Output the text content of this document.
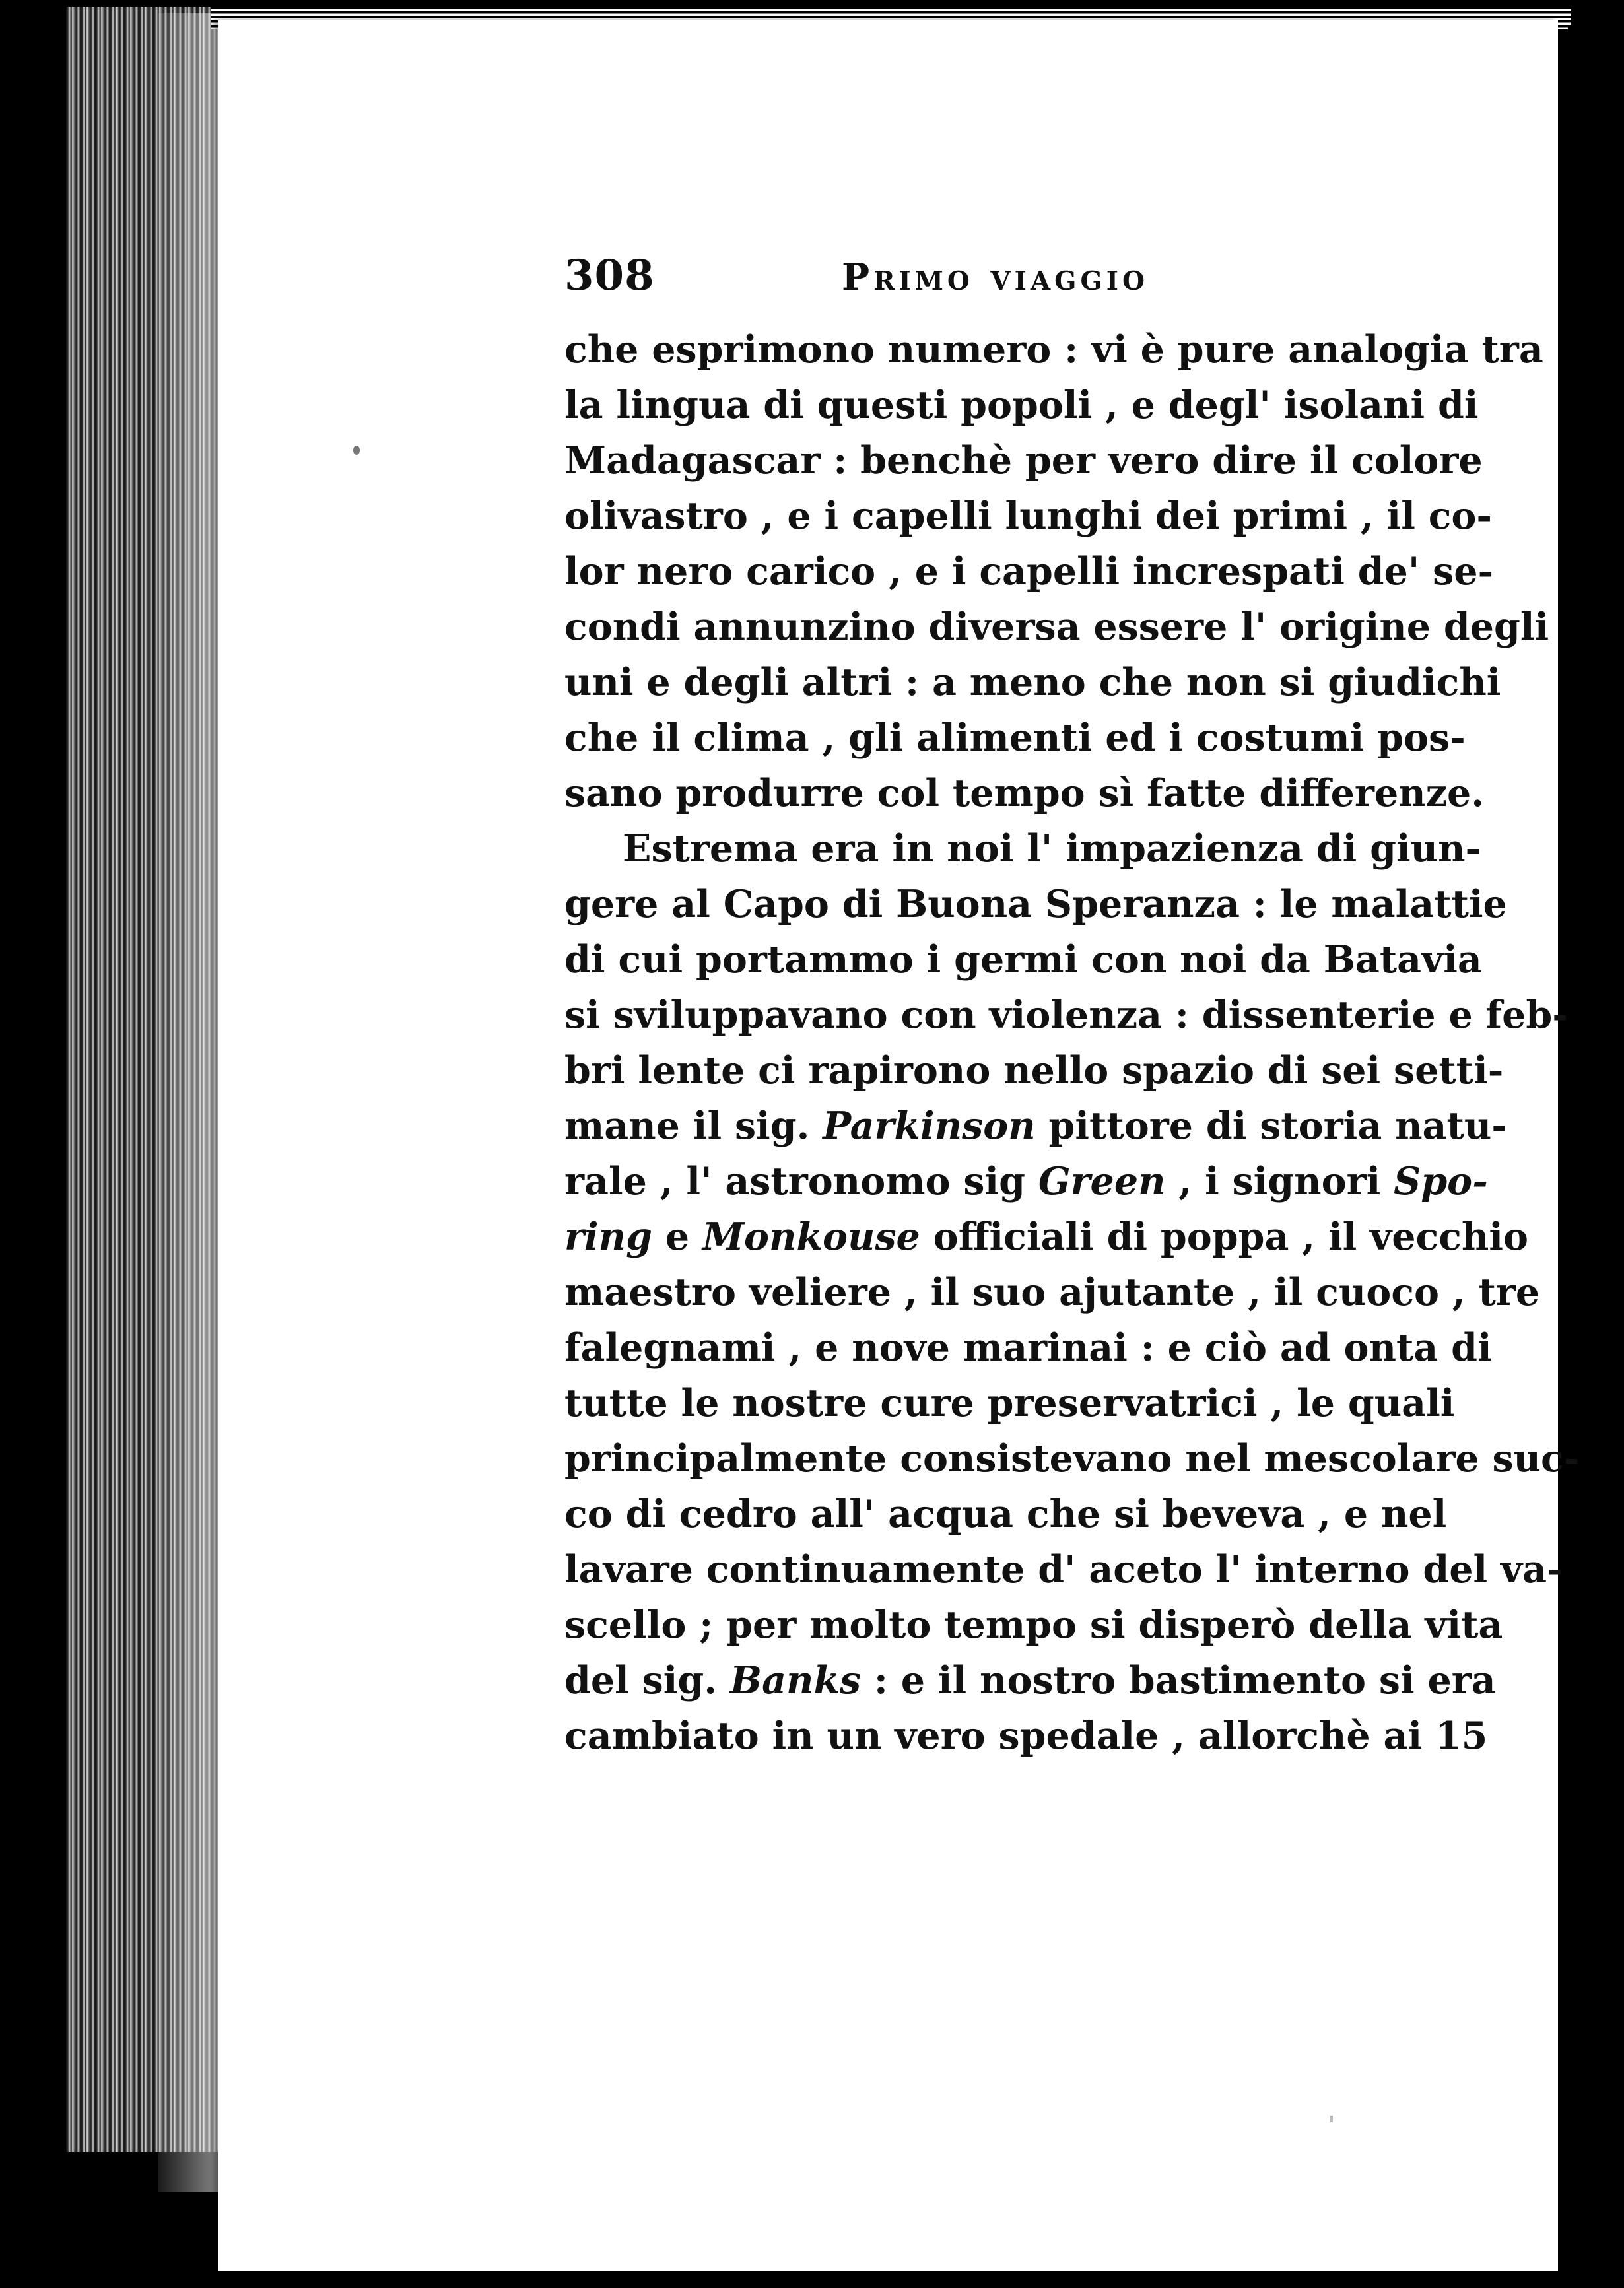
308	Primo viaggio
che esprimono numero : vi è pure analogia tra
la lingua di questi popoli , e degl' isolani di
Madagascar : benchè per vero dire il colore
olivastro , e i capelli lunghi dei primi , il co-
lor nero carico , e i capelli increspati de' se-
condi annunzino diversa essere l' origine degli
uni e degli altri : a meno che non si giudichi
che il clima , gli alimenti ed i costumi pos-
sano produrre col tempo sì fatte differenze.
Estrema era in noi l' impazienza di giun-
gere al Capo di Buona Speranza : le malattie
di cui portammo i germi con noi da Batavia
si sviluppavano con violenza : dissenterie e feb-
bri lente ci rapirono nello spazio di sei setti-
mane il sig. Parkinson pittore di storia natu-
rale , l' astronomo sig Green , i signori Spo-
ring e Monkouse officiali di poppa , il vecchio
maestro veliere , il suo ajutante , il cuoco , tre
falegnami , e nove marinai : e ciò ad onta di
tutte le nostre cure preservatrici , le quali
principalmente consistevano nel mescolare suc-
co di cedro all' acqua che si beveva , e nel
lavare continuamente d' aceto l' interno del va-
scello ; per molto tempo si disperò della vita
del sig. Banks : e il nostro bastimento si era
cambiato in un vero spedale , allorchè ai 15
